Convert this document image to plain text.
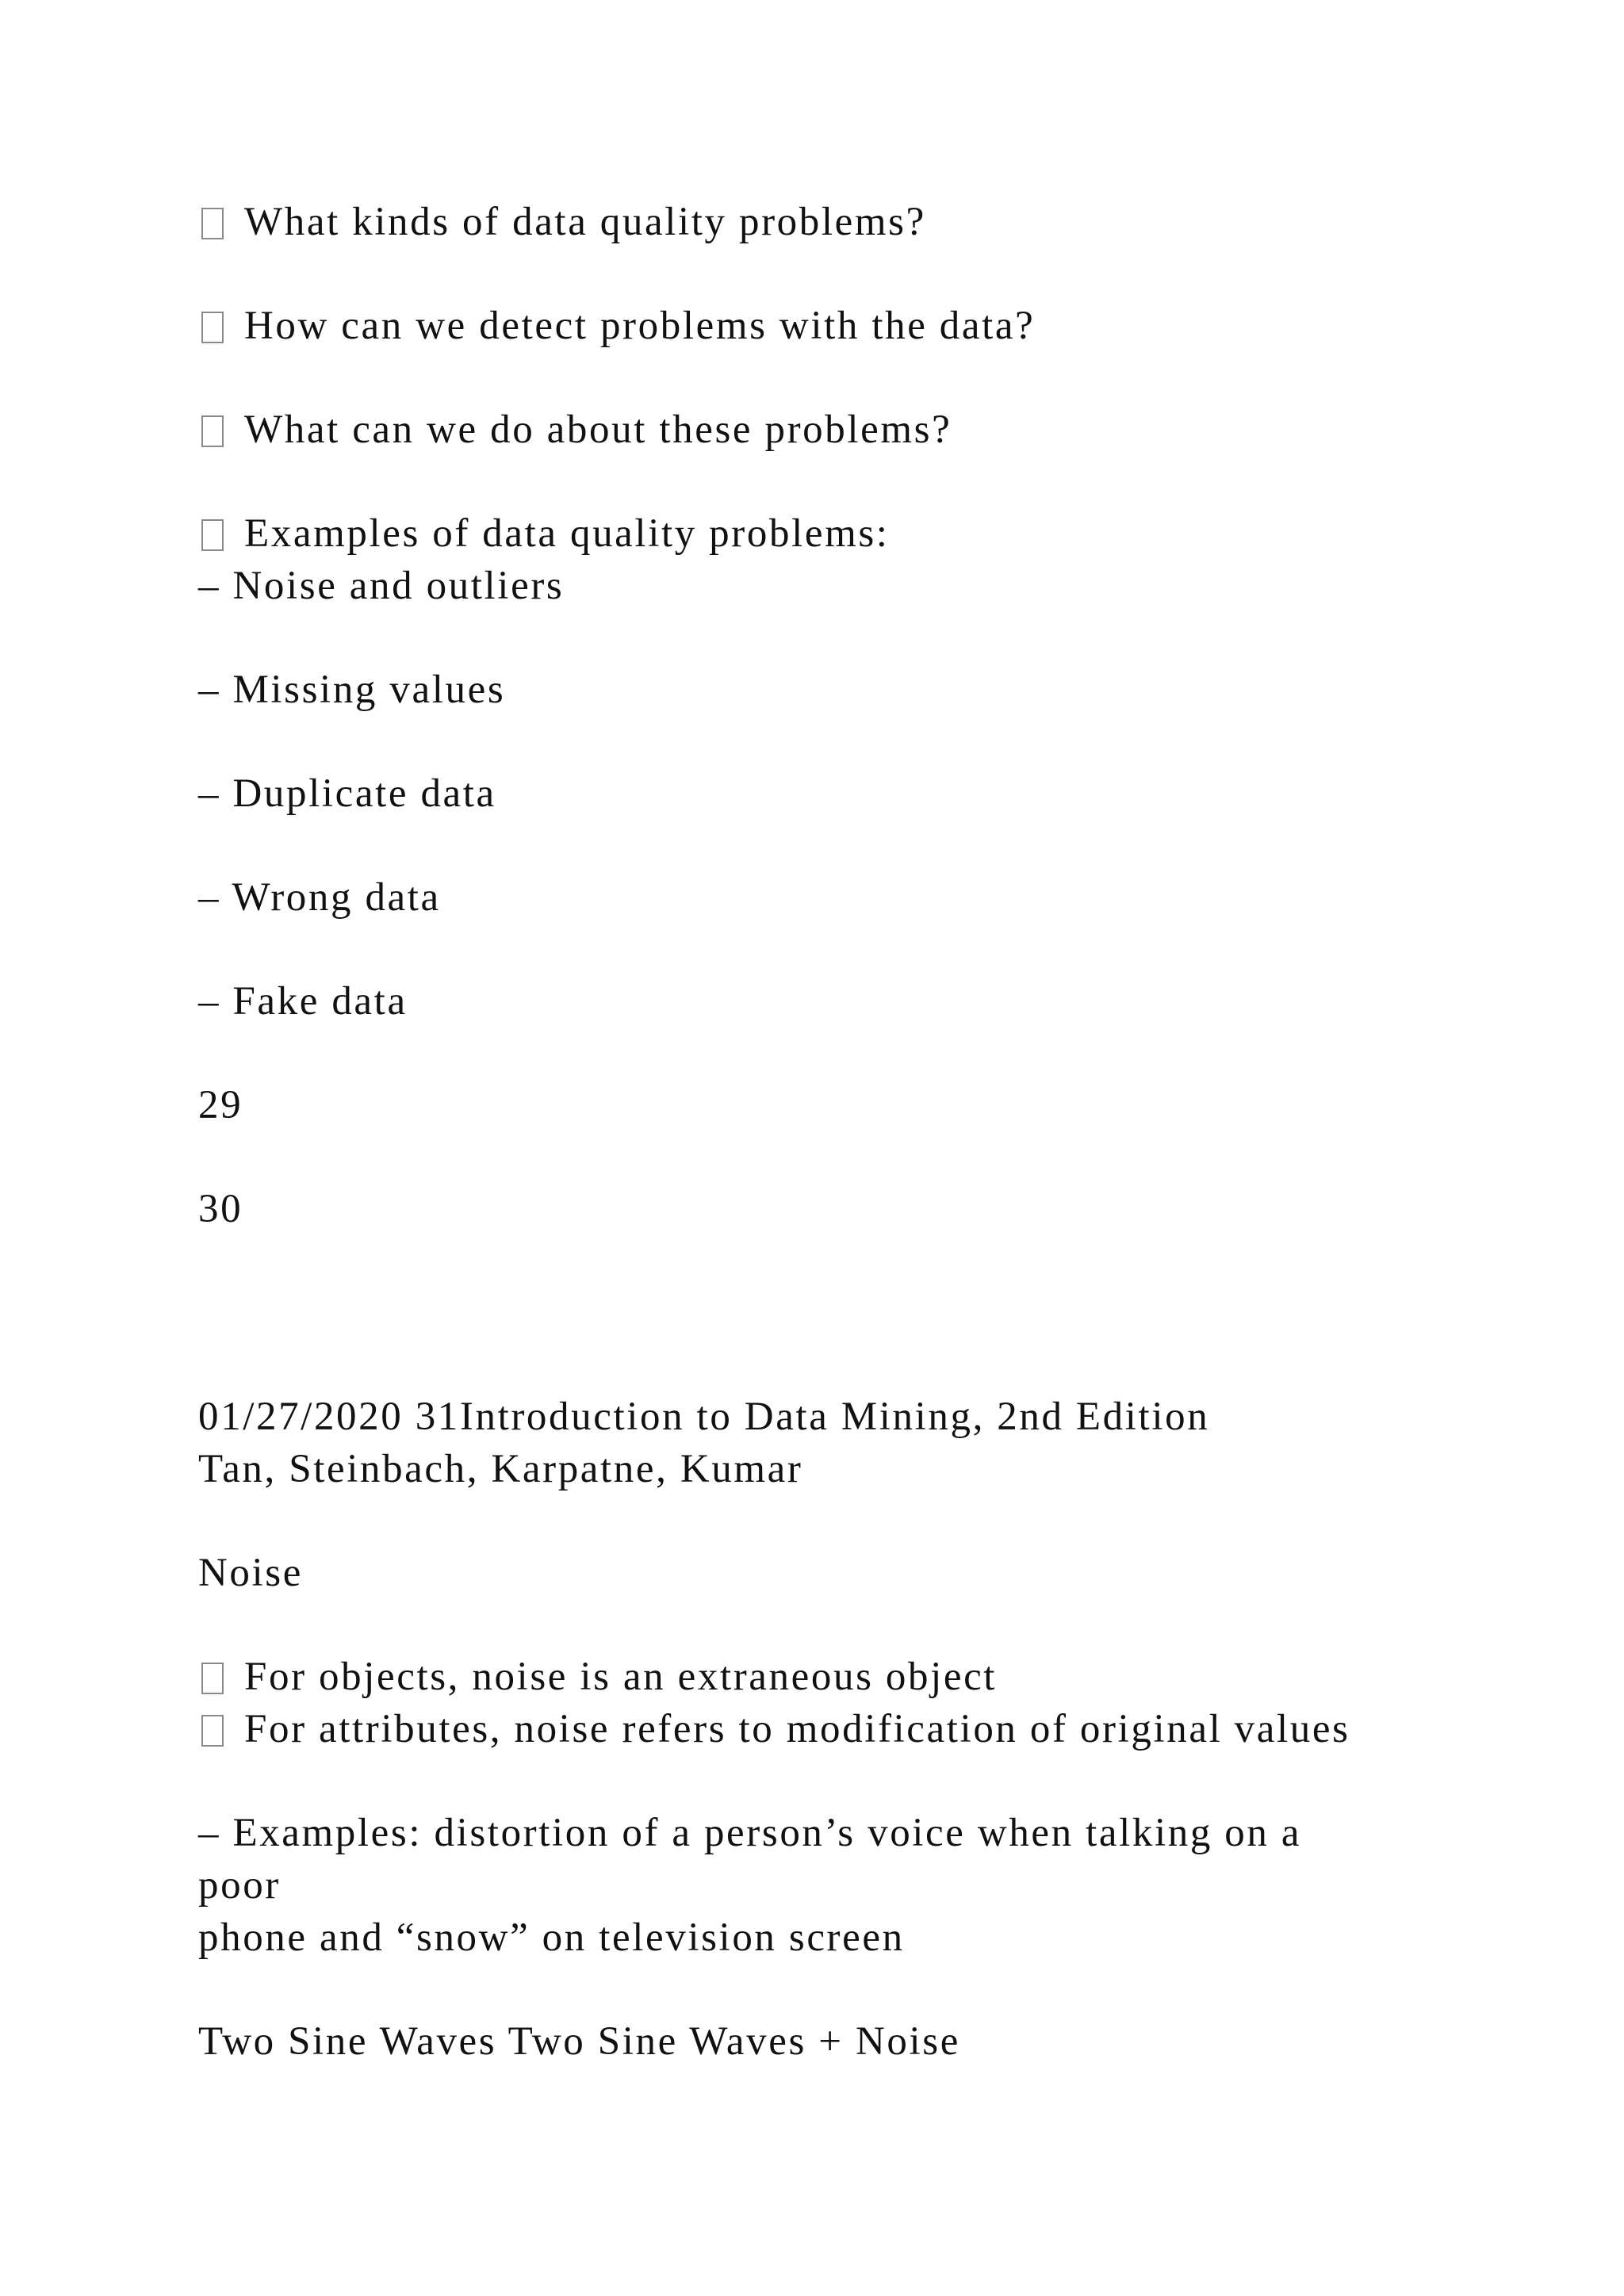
What kinds of data quality problems?
How can we detect problems with the data?
What can we do about these problems?
Examples of data quality problems:
– Noise and outliers
– Missing values
– Duplicate data
– Wrong data
– Fake data
29
30
01/27/2020 31Introduction to Data Mining, 2nd Edition
Tan, Steinbach, Karpatne, Kumar
Noise
For objects, noise is an extraneous object
For attributes, noise refers to modification of original values
– Examples: distortion of a person’s voice when talking on a
poor
phone and “snow” on television screen
Two Sine Waves Two Sine Waves + Noise
